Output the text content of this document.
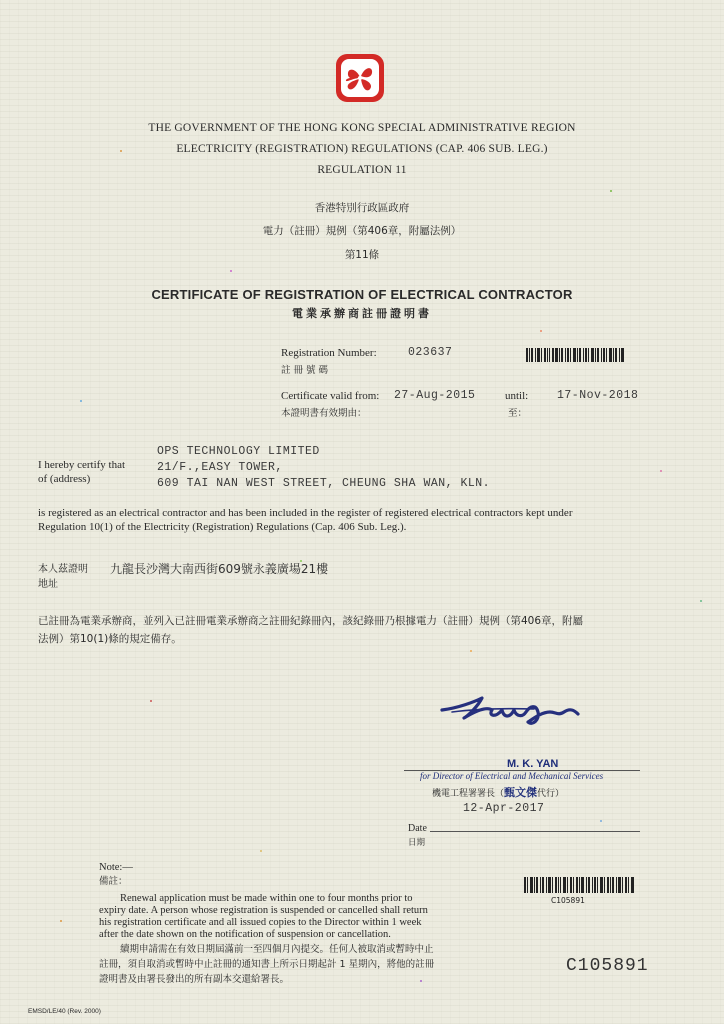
THE GOVERNMENT OF THE HONG KONG SPECIAL ADMINISTRATIVE REGION
ELECTRICITY (REGISTRATION) REGULATIONS (CAP. 406 SUB. LEG.)
REGULATION 11
香港特別行政區政府
電力（註冊）規例（第406章，附屬法例）
第11條
CERTIFICATE OF REGISTRATION OF ELECTRICAL CONTRACTOR
電業承辦商註冊證明書
Registration Number:
註 冊 號 碼
023637
Certificate valid from:
本證明書有效期由：
27-Aug-2015	until:
至：
17-Nov-2018
OPS TECHNOLOGY LIMITED
I hereby certify that
of (address)
21/F.,EASY TOWER,
609 TAI NAN WEST STREET, CHEUNG SHA WAN, KLN.
is registered as an electrical contractor and has been included in the register of registered electrical contractors kept under
Regulation 10(1) of the Electricity (Registration) Regulations (Cap. 406 Sub. Leg.).
本人茲證明
地址
九龍長沙灣大南西街609號永義廣場21樓
已註冊為電業承辦商，並列入已註冊電業承辦商之註冊紀錄冊內，該紀錄冊乃根據電力（註冊）規例（第406章，附屬
法例）第10(1)條的規定備存。
M. K. YAN
for Director of Electrical and Mechanical Services
機電工程署署長（甄文傑代行）
12-Apr-2017
Date
日期
Note:—
備註：
Renewal application must be made within one to four months prior to
expiry date. A person whose registration is suspended or cancelled shall return
his registration certificate and all issued copies to the Director within 1 week
after the date shown on the notification of suspension or cancellation.
續期申請需在有效日期屆滿前一至四個月內提交。任何人被取消或暫時中止
註冊，須自取消或暫時中止註冊的通知書上所示日期起計 1 星期內，將他的註冊
證明書及由署長發出的所有副本交還給署長。
C105891
C105891
EMSD/LE/40 (Rev. 2000)
